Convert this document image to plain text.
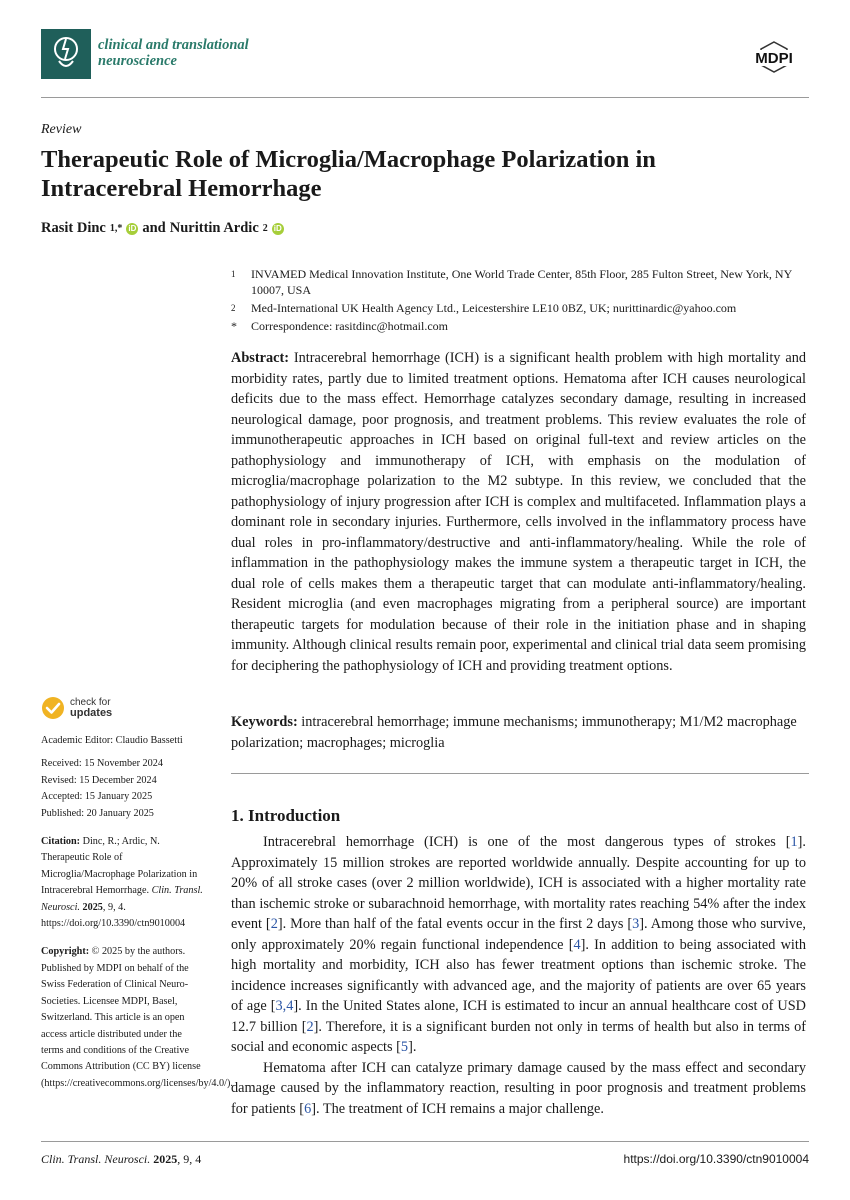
clinical and translational
neuroscience	MDPI
Review
Therapeutic Role of Microglia/Macrophage Polarization in Intracerebral Hemorrhage
Rasit Dinc 1,* iD and Nurittin Ardic 2 iD
1	INVAMED Medical Innovation Institute, One World Trade Center, 85th Floor, 285 Fulton Street, New York, NY 10007, USA
2	Med-International UK Health Agency Ltd., Leicestershire LE10 0BZ, UK; nurittinardic@yahoo.com
*	Correspondence: rasitdinc@hotmail.com
Abstract: Intracerebral hemorrhage (ICH) is a significant health problem with high mortality and morbidity rates, partly due to limited treatment options. Hematoma after ICH causes neurological deficits due to the mass effect. Hemorrhage catalyzes secondary damage, resulting in increased neurological damage, poor prognosis, and treatment problems. This review evaluates the role of immunotherapeutic approaches in ICH based on original full-text and review articles on the pathophysiology and immunotherapy of ICH, with emphasis on the modulation of microglia/macrophage polarization to the M2 subtype. In this review, we concluded that the pathophysiology of injury progression after ICH is complex and multifaceted. Inflammation plays a dominant role in secondary injuries. Furthermore, cells involved in the inflammatory process have dual roles in pro-inflammatory/destructive and anti-inflammatory/healing. While the role of inflammation in the pathophysiology makes the immune system a therapeutic target in ICH, the dual role of cells makes them a therapeutic target that can modulate anti-inflammatory/healing. Resident microglia (and even macrophages migrating from a peripheral source) are important therapeutic targets for modulation because of their role in the initiation phase and in shaping immunity. Although clinical results remain poor, experimental and clinical trial data seem promising for deciphering the pathophysiology of ICH and providing treatment options.
Keywords: intracerebral hemorrhage; immune mechanisms; immunotherapy; M1/M2 macrophage polarization; macrophages; microglia
check for
updates

Academic Editor: Claudio Bassetti

Received: 15 November 2024

Revised: 15 December 2024

Accepted: 15 January 2025

Published: 20 January 2025

Citation: Dinc, R.; Ardic, N. Therapeutic Role of Microglia/Macrophage Polarization in Intracerebral Hemorrhage. Clin. Transl. Neurosci. 2025, 9, 4. https://doi.org/10.3390/ctn9010004

Copyright: © 2025 by the authors. Published by MDPI on behalf of the Swiss Federation of Clinical Neuro-Societies. Licensee MDPI, Basel, Switzerland. This article is an open access article distributed under the terms and conditions of the Creative Commons Attribution (CC BY) license (https://creativecommons.org/licenses/by/4.0/).

1. Introduction

Intracerebral hemorrhage (ICH) is one of the most dangerous types of strokes [1]. Approximately 15 million strokes are reported worldwide annually. Despite accounting for up to 20% of all stroke cases (over 2 million worldwide), ICH is associated with a higher mortality rate than ischemic stroke or subarachnoid hemorrhage, with mortality rates reaching 54% after the index event [2]. More than half of the fatal events occur in the first 2 days [3]. Among those who survive, only approximately 20% regain functional independence [4]. In addition to being associated with high mortality and morbidity, ICH also has fewer treatment options than ischemic stroke. The incidence increases significantly with advanced age, and the majority of patients are over 65 years of age [3,4]. In the United States alone, ICH is estimated to incur an annual healthcare cost of USD 12.7 billion [2]. Therefore, it is a significant burden not only in terms of health but also in terms of social and economic aspects [5].

Hematoma after ICH can catalyze primary damage caused by the mass effect and secondary damage caused by the inflammatory reaction, resulting in poor prognosis and treatment problems for patients [6]. The treatment of ICH remains a major challenge.

Clin. Transl. Neurosci. 2025, 9, 4	https://doi.org/10.3390/ctn9010004
